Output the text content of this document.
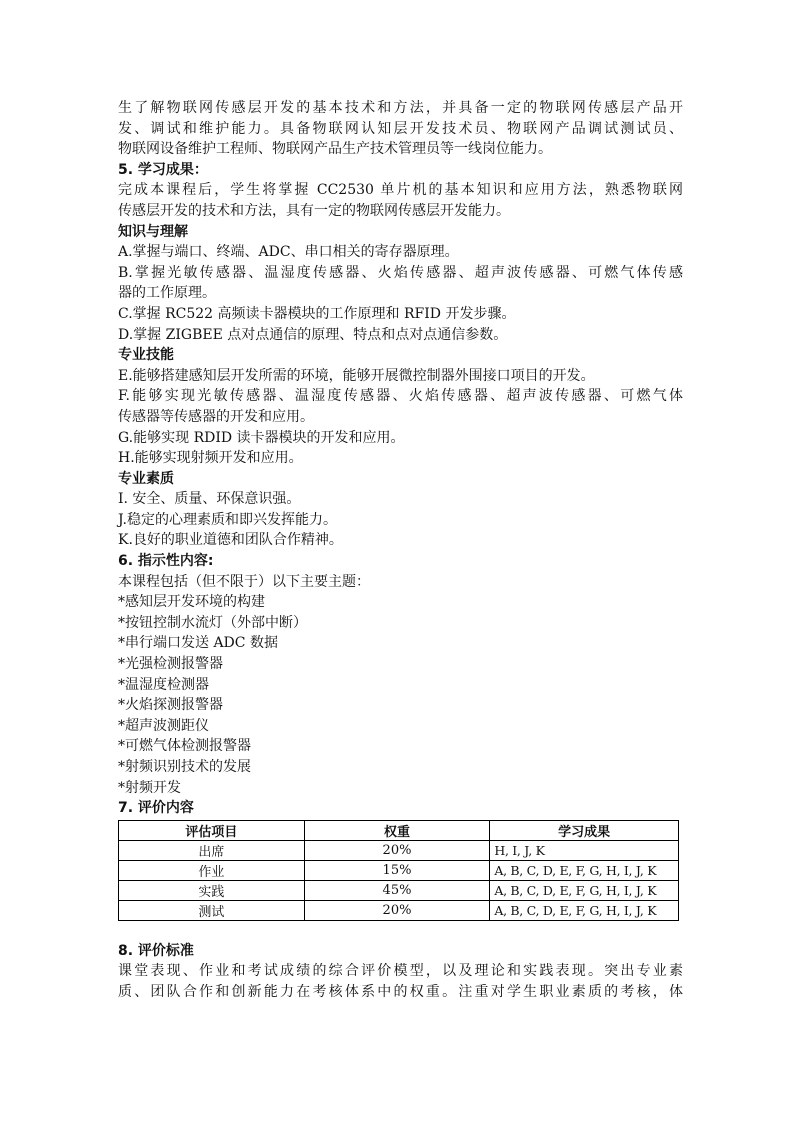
生了解物联网传感层开发的基本技术和方法，并具备一定的物联网传感层产品开

发、调试和维护能力。具备物联网认知层开发技术员、物联网产品调试测试员、

物联网设备维护工程师、物联网产品生产技术管理员等一线岗位能力。

5. 学习成果：

完成本课程后，学生将掌握 CC2530 单片机的基本知识和应用方法，熟悉物联网

传感层开发的技术和方法，具有一定的物联网传感层开发能力。

知识与理解

A.掌握与端口、终端、ADC、串口相关的寄存器原理。

B.掌握光敏传感器、温湿度传感器、火焰传感器、超声波传感器、可燃气体传感

器的工作原理。

C.掌握 RC522 高频读卡器模块的工作原理和 RFID 开发步骤。

D.掌握 ZIGBEE 点对点通信的原理、特点和点对点通信参数。

专业技能

E.能够搭建感知层开发所需的环境，能够开展微控制器外围接口项目的开发。

F.能够实现光敏传感器、温湿度传感器、火焰传感器、超声波传感器、可燃气体

传感器等传感器的开发和应用。

G.能够实现 RDID 读卡器模块的开发和应用。

H.能够实现射频开发和应用。

专业素质

I. 安全、质量、环保意识强。

J.稳定的心理素质和即兴发挥能力。

K.良好的职业道德和团队合作精神。

6. 指示性内容:

本课程包括（但不限于）以下主要主题：

*感知层开发环境的构建

*按钮控制水流灯（外部中断）

*串行端口发送 ADC 数据

*光强检测报警器

*温湿度检测器

*火焰探测报警器

*超声波测距仪

*可燃气体检测报警器

*射频识别技术的发展

*射频开发

7. 评价内容

评估项目	权重	学习成果
出席	20%	H, I, J, K
作业	15%	A, B, C, D, E, F, G, H, I, J, K
实践	45%	A, B, C, D, E, F, G, H, I, J, K
测试	20%	A, B, C, D, E, F, G, H, I, J, K

8. 评价标准

课堂表现、作业和考试成绩的综合评价模型，以及理论和实践表现。突出专业素

质、团队合作和创新能力在考核体系中的权重。注重对学生职业素质的考核，体
